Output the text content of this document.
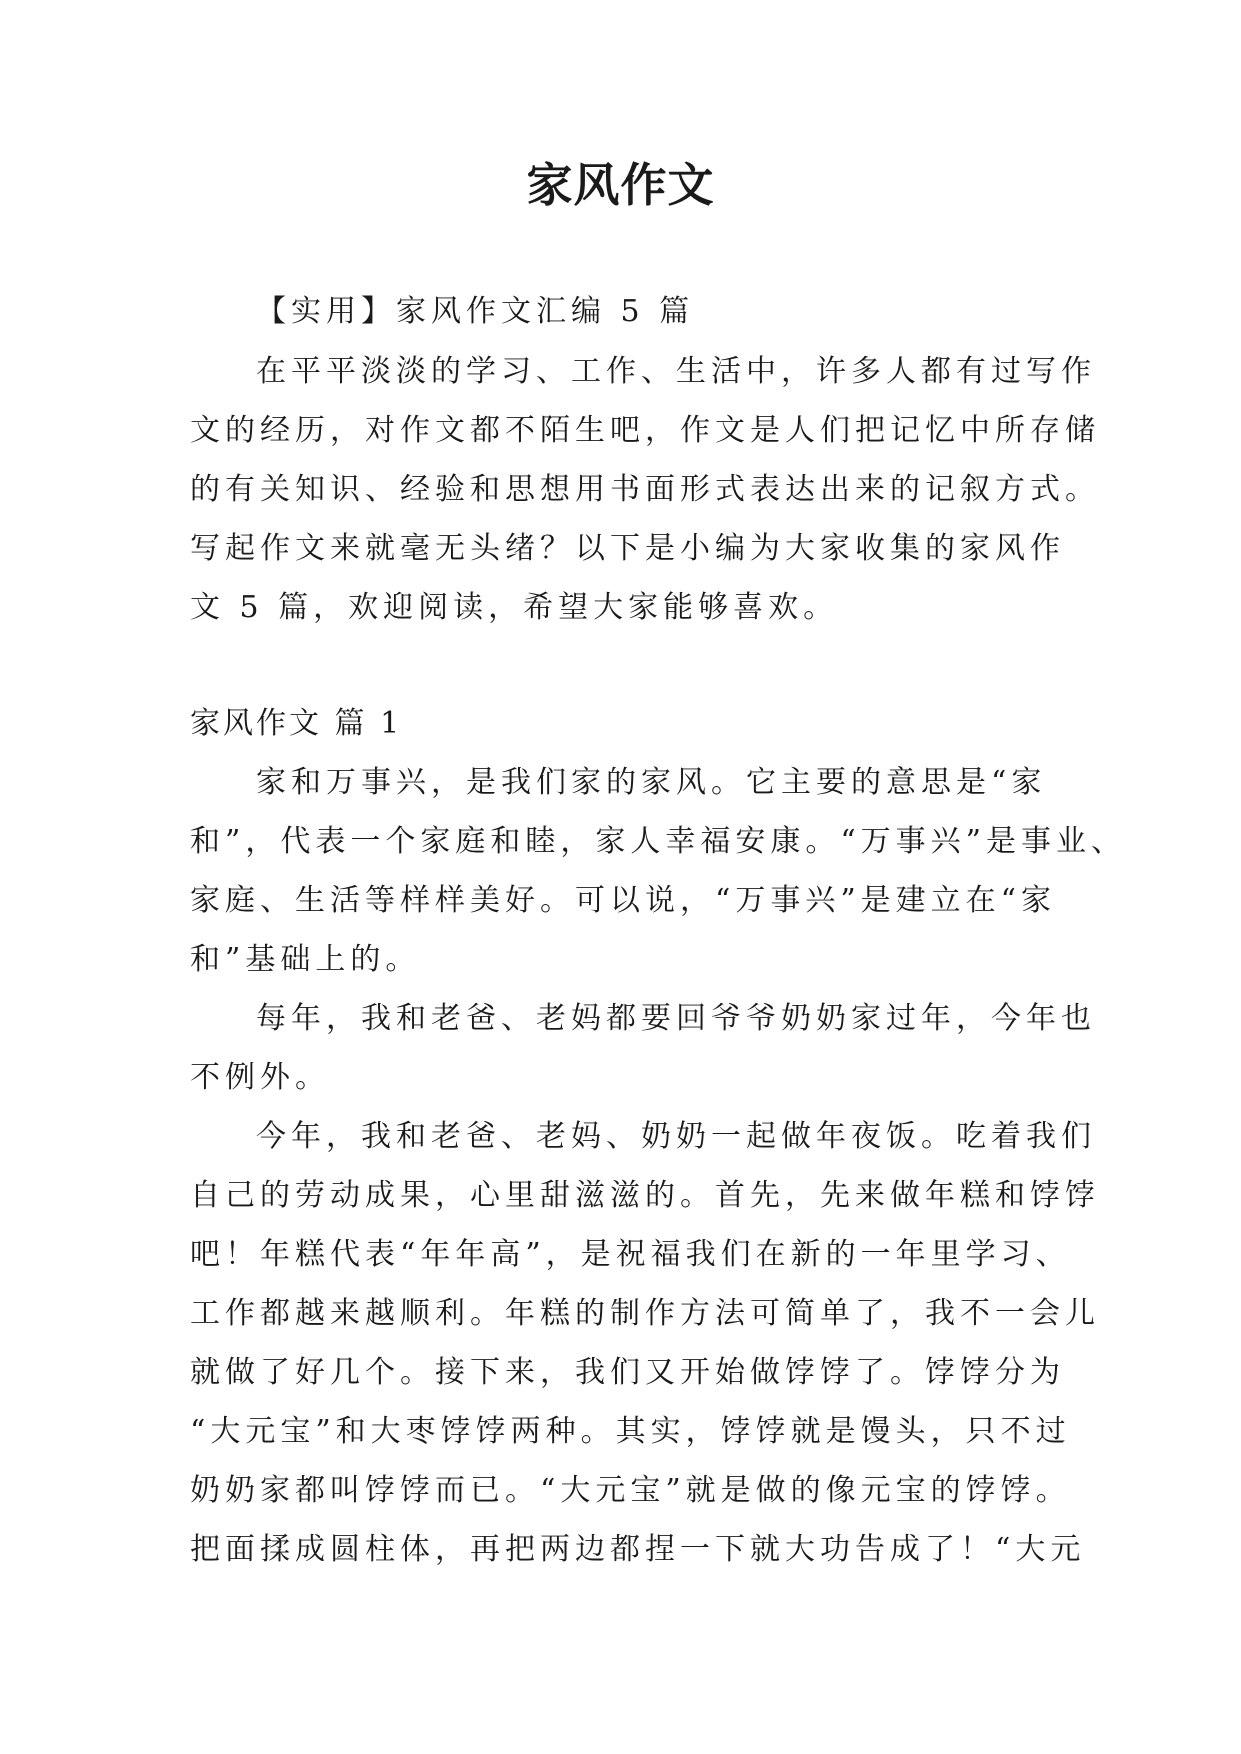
家风作文

【实用】家风作文汇编 5 篇

在平平淡淡的学习、工作、生活中，许多人都有过写作

文的经历，对作文都不陌生吧，作文是人们把记忆中所存储

的有关知识、经验和思想用书面形式表达出来的记叙方式。

写起作文来就毫无头绪？以下是小编为大家收集的家风作

文 5 篇，欢迎阅读，希望大家能够喜欢。

家风作文 篇 1

家和万事兴，是我们家的家风。它主要的意思是“家

和”，代表一个家庭和睦，家人幸福安康。“万事兴”是事业、

家庭、生活等样样美好。可以说，“万事兴”是建立在“家

和”基础上的。

每年，我和老爸、老妈都要回爷爷奶奶家过年，今年也

不例外。

今年，我和老爸、老妈、奶奶一起做年夜饭。吃着我们

自己的劳动成果，心里甜滋滋的。首先，先来做年糕和饽饽

吧！年糕代表“年年高”，是祝福我们在新的一年里学习、

工作都越来越顺利。年糕的制作方法可简单了，我不一会儿

就做了好几个。接下来，我们又开始做饽饽了。饽饽分为

“大元宝”和大枣饽饽两种。其实，饽饽就是馒头，只不过

奶奶家都叫饽饽而已。“大元宝”就是做的像元宝的饽饽。

把面揉成圆柱体，再把两边都捏一下就大功告成了！“大元
